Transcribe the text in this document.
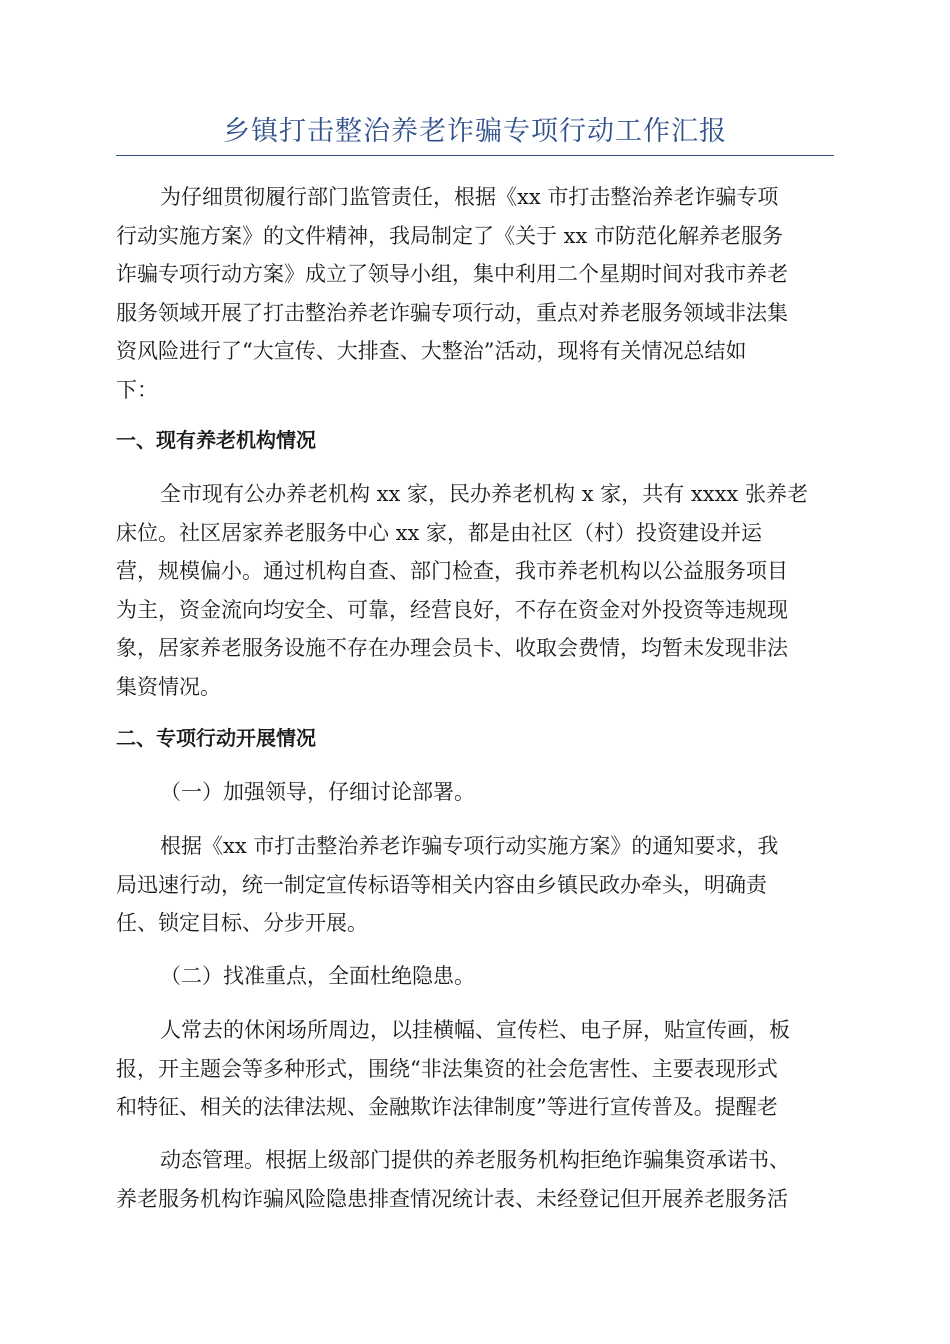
乡镇打击整治养老诈骗专项行动工作汇报

为仔细贯彻履行部门监管责任，根据《xx 市打击整治养老诈骗专项
行动实施方案》的文件精神，我局制定了《关于 xx 市防范化解养老服务
诈骗专项行动方案》成立了领导小组，集中利用二个星期时间对我市养老
服务领域开展了打击整治养老诈骗专项行动，重点对养老服务领域非法集
资风险进行了“大宣传、大排查、大整治”活动，现将有关情况总结如
下：

一、现有养老机构情况

全市现有公办养老机构 xx 家，民办养老机构 x 家，共有 xxxx 张养老
床位。社区居家养老服务中心 xx 家，都是由社区（村）投资建设并运
营，规模偏小。通过机构自查、部门检查，我市养老机构以公益服务项目
为主，资金流向均安全、可靠，经营良好，不存在资金对外投资等违规现
象，居家养老服务设施不存在办理会员卡、收取会费情，均暂未发现非法
集资情况。

二、专项行动开展情况

（一）加强领导，仔细讨论部署。

根据《xx 市打击整治养老诈骗专项行动实施方案》的通知要求，我
局迅速行动，统一制定宣传标语等相关内容由乡镇民政办牵头，明确责
任、锁定目标、分步开展。

（二）找准重点，全面杜绝隐患。

人常去的休闲场所周边，以挂横幅、宣传栏、电子屏，贴宣传画，板
报，开主题会等多种形式，围绕“非法集资的社会危害性、主要表现形式
和特征、相关的法律法规、金融欺诈法律制度”等进行宣传普及。提醒老

动态管理。根据上级部门提供的养老服务机构拒绝诈骗集资承诺书、
养老服务机构诈骗风险隐患排查情况统计表、未经登记但开展养老服务活
